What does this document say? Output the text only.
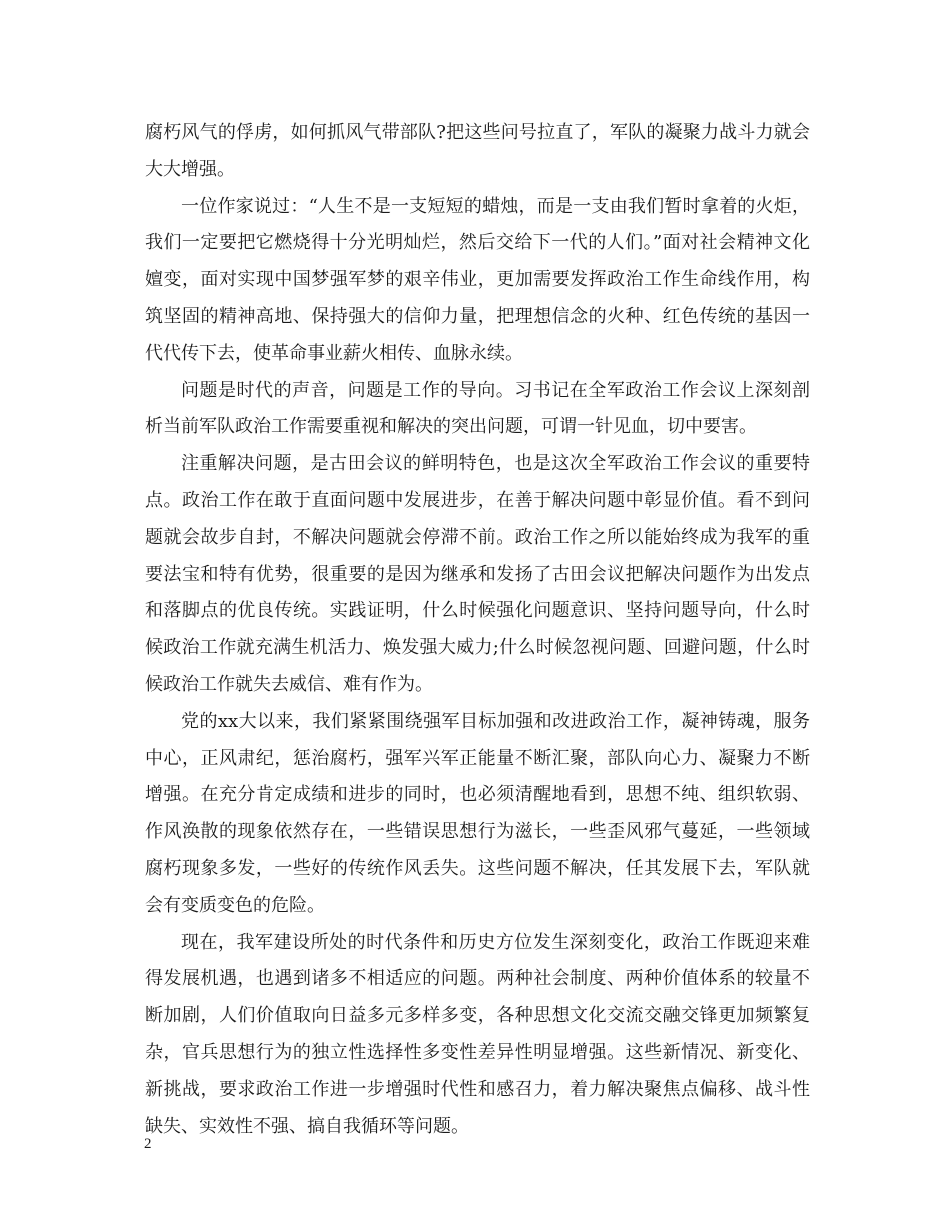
腐朽风气的俘虏，如何抓风气带部队?把这些问号拉直了，军队的凝聚力战斗力就会大大增强。

一位作家说过：“人生不是一支短短的蜡烛，而是一支由我们暂时拿着的火炬，我们一定要把它燃烧得十分光明灿烂，然后交给下一代的人们。”面对社会精神文化嬗变，面对实现中国梦强军梦的艰辛伟业，更加需要发挥政治工作生命线作用，构筑坚固的精神高地、保持强大的信仰力量，把理想信念的火种、红色传统的基因一代代传下去，使革命事业薪火相传、血脉永续。

问题是时代的声音，问题是工作的导向。习书记在全军政治工作会议上深刻剖析当前军队政治工作需要重视和解决的突出问题，可谓一针见血，切中要害。

注重解决问题，是古田会议的鲜明特色，也是这次全军政治工作会议的重要特点。政治工作在敢于直面问题中发展进步，在善于解决问题中彰显价值。看不到问题就会故步自封，不解决问题就会停滞不前。政治工作之所以能始终成为我军的重要法宝和特有优势，很重要的是因为继承和发扬了古田会议把解决问题作为出发点和落脚点的优良传统。实践证明，什么时候强化问题意识、坚持问题导向，什么时候政治工作就充满生机活力、焕发强大威力;什么时候忽视问题、回避问题，什么时候政治工作就失去威信、难有作为。

党的xx大以来，我们紧紧围绕强军目标加强和改进政治工作，凝神铸魂，服务中心，正风肃纪，惩治腐朽，强军兴军正能量不断汇聚，部队向心力、凝聚力不断增强。在充分肯定成绩和进步的同时，也必须清醒地看到，思想不纯、组织软弱、作风涣散的现象依然存在，一些错误思想行为滋长，一些歪风邪气蔓延，一些领域腐朽现象多发，一些好的传统作风丢失。这些问题不解决，任其发展下去，军队就会有变质变色的危险。

现在，我军建设所处的时代条件和历史方位发生深刻变化，政治工作既迎来难得发展机遇，也遇到诸多不相适应的问题。两种社会制度、两种价值体系的较量不断加剧，人们价值取向日益多元多样多变，各种思想文化交流交融交锋更加频繁复杂，官兵思想行为的独立性选择性多变性差异性明显增强。这些新情况、新变化、新挑战，要求政治工作进一步增强时代性和感召力，着力解决聚焦点偏移、战斗性缺失、实效性不强、搞自我循环等问题。

2
